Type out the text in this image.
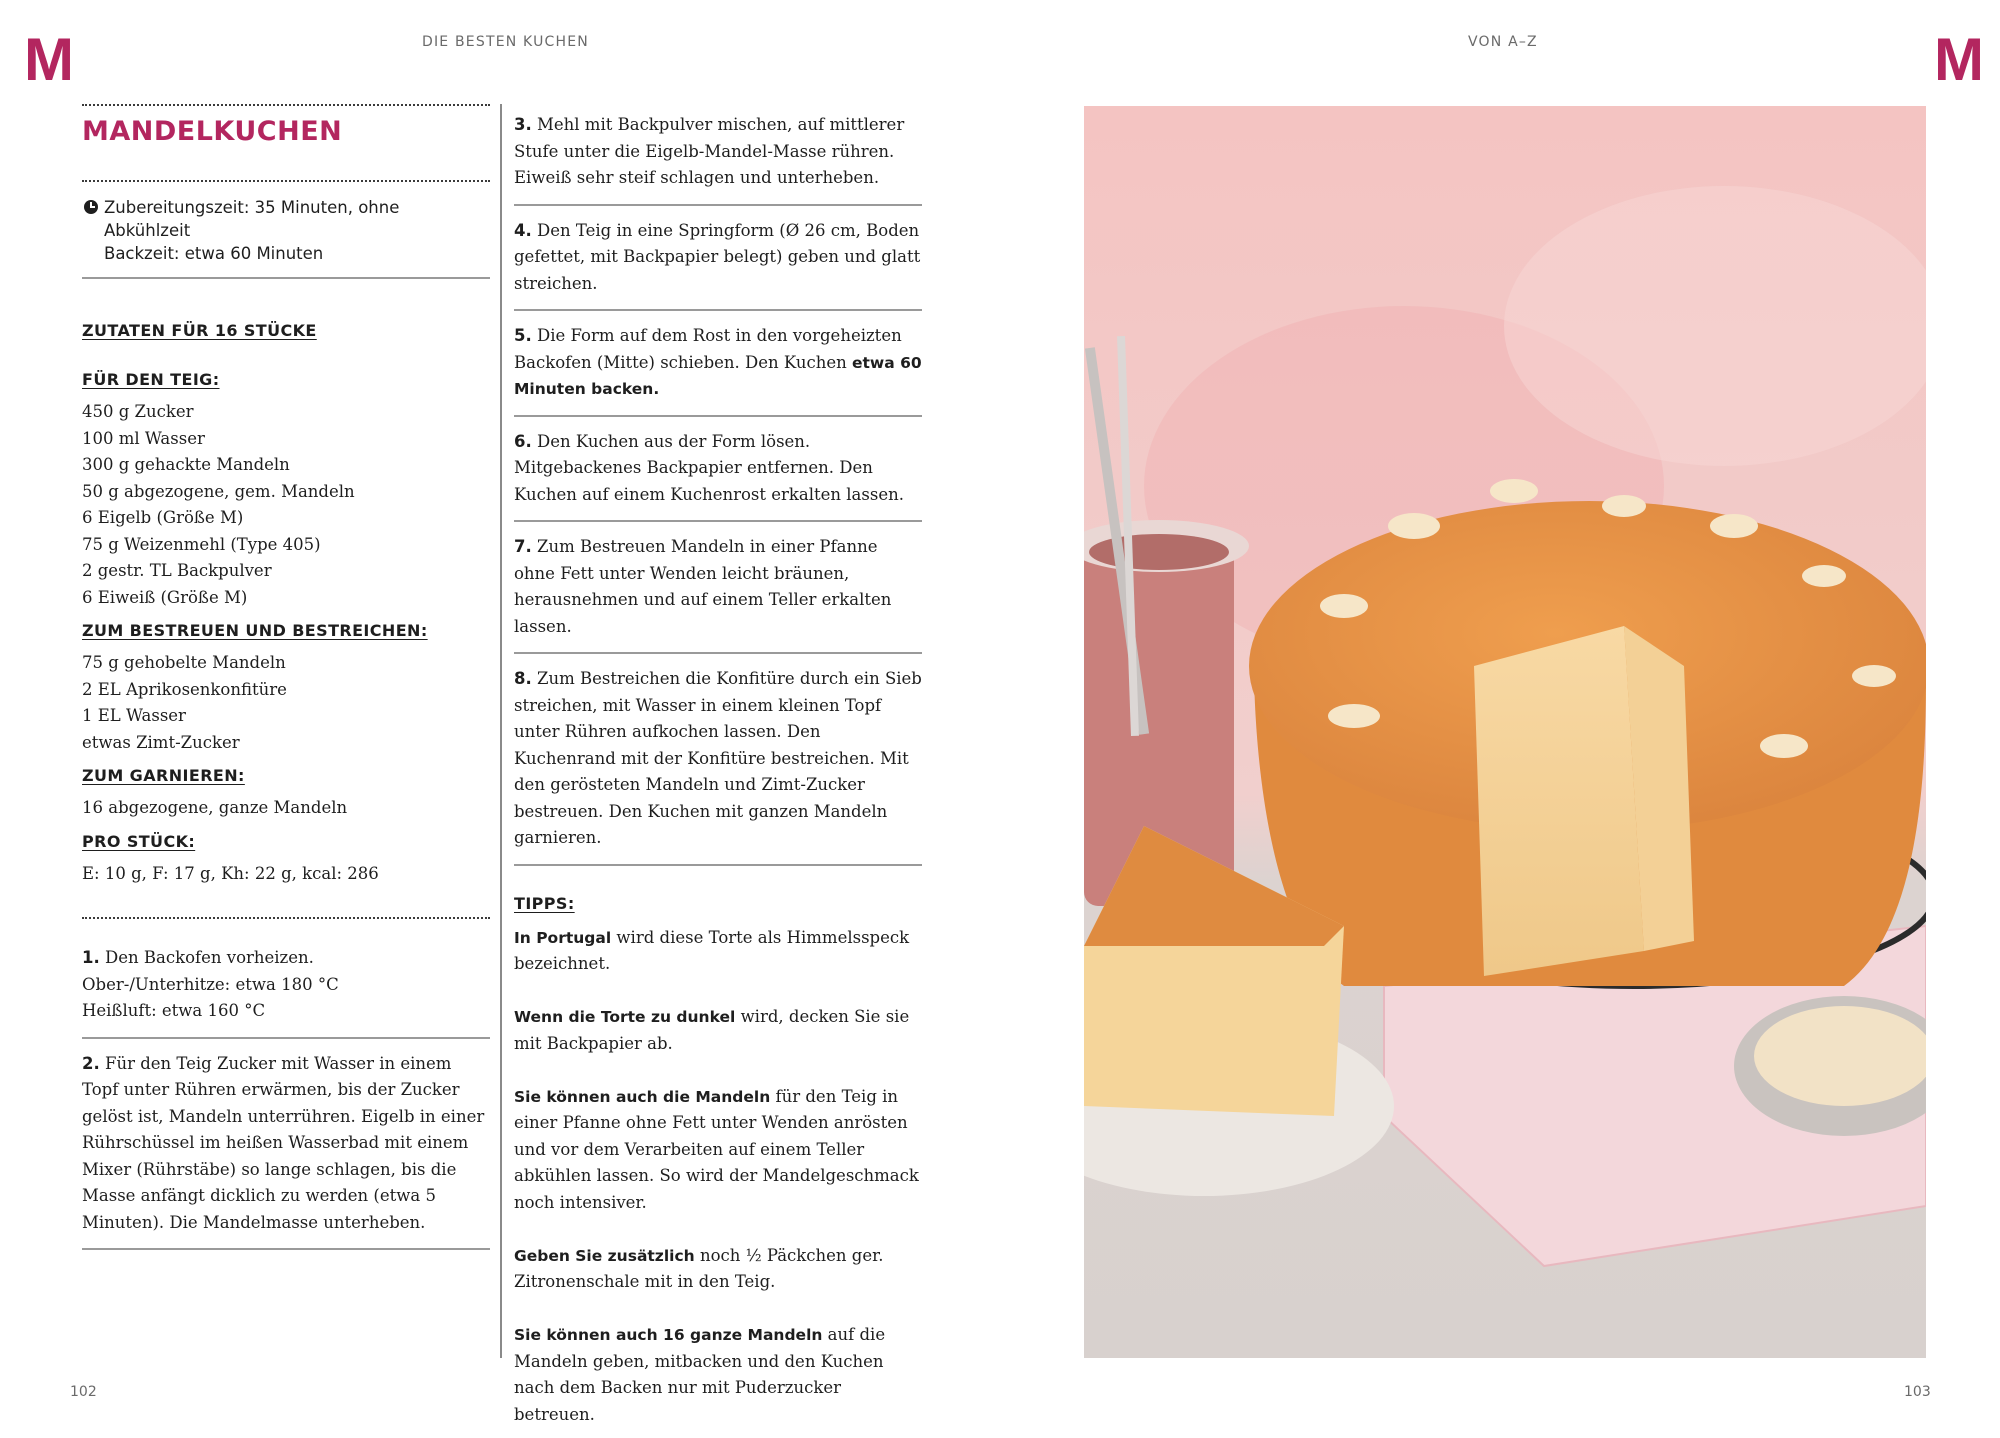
M	M
DIE BESTEN KUCHEN	VON A–Z
MANDELKUCHEN
Zubereitungszeit: 35 Minuten, ohne Abkühlzeit
Backzeit: etwa 60 Minuten
ZUTATEN FÜR 16 STÜCKE
FÜR DEN TEIG:
450 g Zucker
100 ml Wasser
300 g gehackte Mandeln
50 g abgezogene, gem. Mandeln
6 Eigelb (Größe M)
75 g Weizenmehl (Type 405)
2 gestr. TL Backpulver
6 Eiweiß (Größe M)
ZUM BESTREUEN UND BESTREICHEN:
75 g gehobelte Mandeln
2 EL Aprikosenkonfitüre
1 EL Wasser
etwas Zimt-Zucker
ZUM GARNIEREN:
16 abgezogene, ganze Mandeln
PRO STÜCK:
E: 10 g, F: 17 g, Kh: 22 g, kcal: 286
1. Den Backofen vorheizen.
Ober-/Unterhitze: etwa 180 °C
Heißluft: etwa 160 °C
2. Für den Teig Zucker mit Wasser in einem Topf unter Rühren erwärmen, bis der Zucker gelöst ist, Mandeln unterrühren. Eigelb in einer Rührschüssel im heißen Wasserbad mit einem Mixer (Rührstäbe) so lange schlagen, bis die Masse anfängt dicklich zu werden (etwa 5 Minuten). Die Mandelmasse unterheben.
3. Mehl mit Backpulver mischen, auf mittlerer Stufe unter die Eigelb-Mandel-Masse rühren. Eiweiß sehr steif schlagen und unterheben.
4. Den Teig in eine Springform (Ø 26 cm, Boden gefettet, mit Backpapier belegt) geben und glatt streichen.
5. Die Form auf dem Rost in den vorgeheizten Backofen (Mitte) schieben. Den Kuchen etwa 60 Minuten backen.
6. Den Kuchen aus der Form lösen. Mitgebackenes Backpapier entfernen. Den Kuchen auf einem Kuchenrost erkalten lassen.
7. Zum Bestreuen Mandeln in einer Pfanne ohne Fett unter Wenden leicht bräunen, herausnehmen und auf einem Teller erkalten lassen.
8. Zum Bestreichen die Konfitüre durch ein Sieb streichen, mit Wasser in einem kleinen Topf unter Rühren aufkochen lassen. Den Kuchenrand mit der Konfitüre bestreichen. Mit den gerösteten Mandeln und Zimt-Zucker bestreuen. Den Kuchen mit ganzen Mandeln garnieren.
TIPPS:
In Portugal wird diese Torte als Himmelsspeck bezeichnet.
Wenn die Torte zu dunkel wird, decken Sie sie mit Backpapier ab.
Sie können auch die Mandeln für den Teig in einer Pfanne ohne Fett unter Wenden anrösten und vor dem Verarbeiten auf einem Teller abkühlen lassen. So wird der Mandelgeschmack noch intensiver.
Geben Sie zusätzlich noch ½ Päckchen ger. Zitronenschale mit in den Teig.
Sie können auch 16 ganze Mandeln auf die Mandeln geben, mitbacken und den Kuchen nach dem Backen nur mit Puderzucker betreuen.
102	103
